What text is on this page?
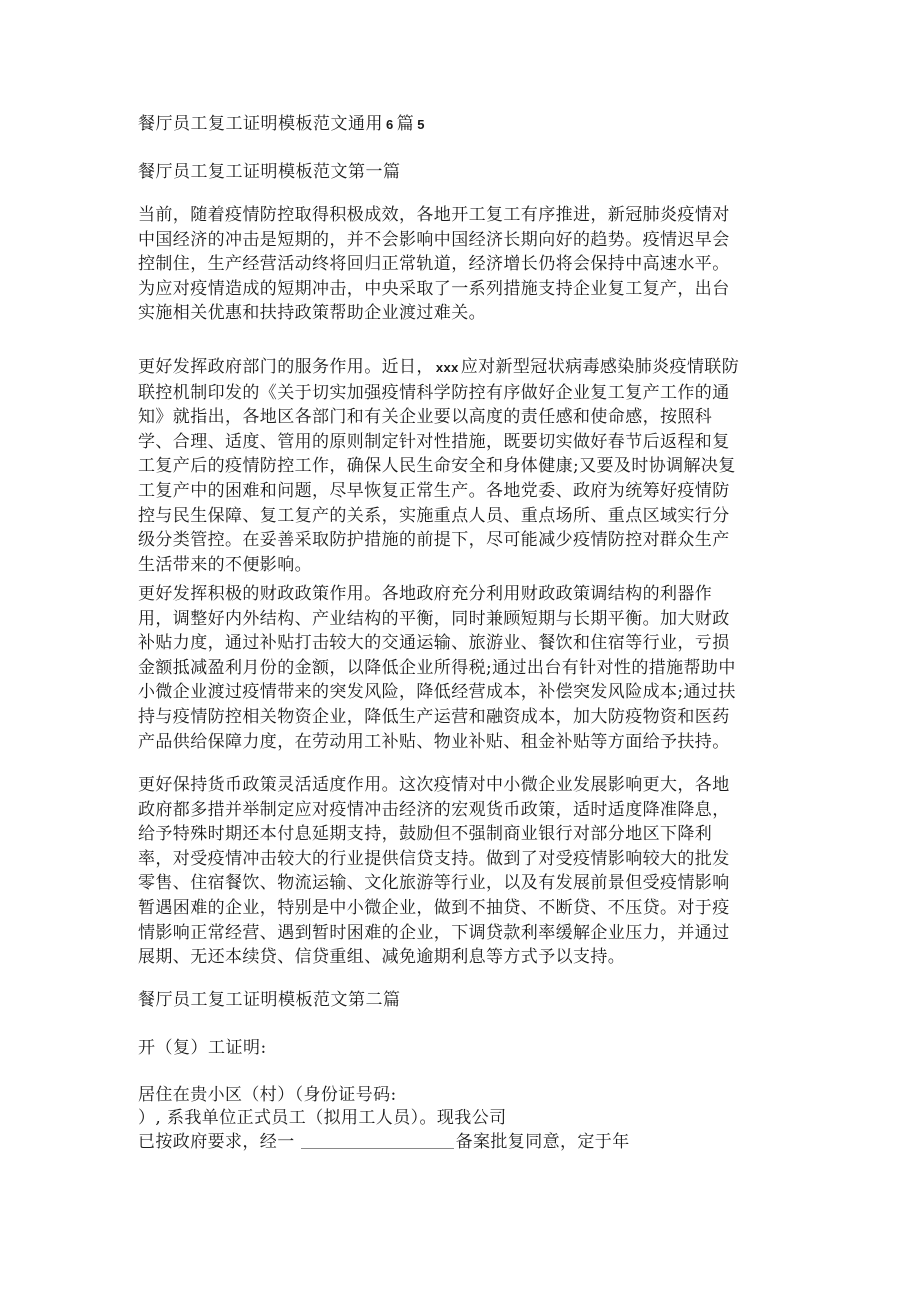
餐厅员工复工证明模板范文通用 6 篇 5
餐厅员工复工证明模板范文第一篇
当前，随着疫情防控取得积极成效，各地开工复工有序推进，新冠肺炎疫情对
中国经济的冲击是短期的，并不会影响中国经济长期向好的趋势。疫情迟早会
控制住，生产经营活动终将回归正常轨道，经济增长仍将会保持中高速水平。
为应对疫情造成的短期冲击，中央采取了一系列措施支持企业复工复产，出台
实施相关优惠和扶持政策帮助企业渡过难关。
更好发挥政府部门的服务作用。近日， xxx 应对新型冠状病毒感染肺炎疫情联防
联控机制印发的《关于切实加强疫情科学防控有序做好企业复工复产工作的通
知》就指出，各地区各部门和有关企业要以高度的责任感和使命感，按照科
学、合理、适度、管用的原则制定针对性措施，既要切实做好春节后返程和复
工复产后的疫情防控工作，确保人民生命安全和身体健康;又要及时协调解决复
工复产中的困难和问题，尽早恢复正常生产。各地党委、政府为统筹好疫情防
控与民生保障、复工复产的关系，实施重点人员、重点场所、重点区域实行分
级分类管控。在妥善采取防护措施的前提下，尽可能减少疫情防控对群众生产
生活带来的不便影响。
更好发挥积极的财政政策作用。各地政府充分利用财政政策调结构的利器作
用，调整好内外结构、产业结构的平衡，同时兼顾短期与长期平衡。加大财政
补贴力度，通过补贴打击较大的交通运输、旅游业、餐饮和住宿等行业，亏损
金额抵减盈利月份的金额，以降低企业所得税;通过出台有针对性的措施帮助中
小微企业渡过疫情带来的突发风险，降低经营成本，补偿突发风险成本;通过扶
持与疫情防控相关物资企业，降低生产运营和融资成本，加大防疫物资和医药
产品供给保障力度，在劳动用工补贴、物业补贴、租金补贴等方面给予扶持。
更好保持货币政策灵活适度作用。这次疫情对中小微企业发展影响更大，各地
政府都多措并举制定应对疫情冲击经济的宏观货币政策，适时适度降准降息，
给予特殊时期还本付息延期支持，鼓励但不强制商业银行对部分地区下降利
率，对受疫情冲击较大的行业提供信贷支持。做到了对受疫情影响较大的批发
零售、住宿餐饮、物流运输、文化旅游等行业，以及有发展前景但受疫情影响
暂遇困难的企业，特别是中小微企业，做到不抽贷、不断贷、不压贷。对于疫
情影响正常经营、遇到暂时困难的企业，下调贷款利率缓解企业压力，并通过
展期、无还本续贷、信贷重组、减免逾期利息等方式予以支持。
餐厅员工复工证明模板范文第二篇
开（复）工证明:
居住在贵小区（村）（身份证号码:
）, 系我单位正式员工（拟用工人员）。现我公司
已按政府要求，经一	备案批复同意，定于年
